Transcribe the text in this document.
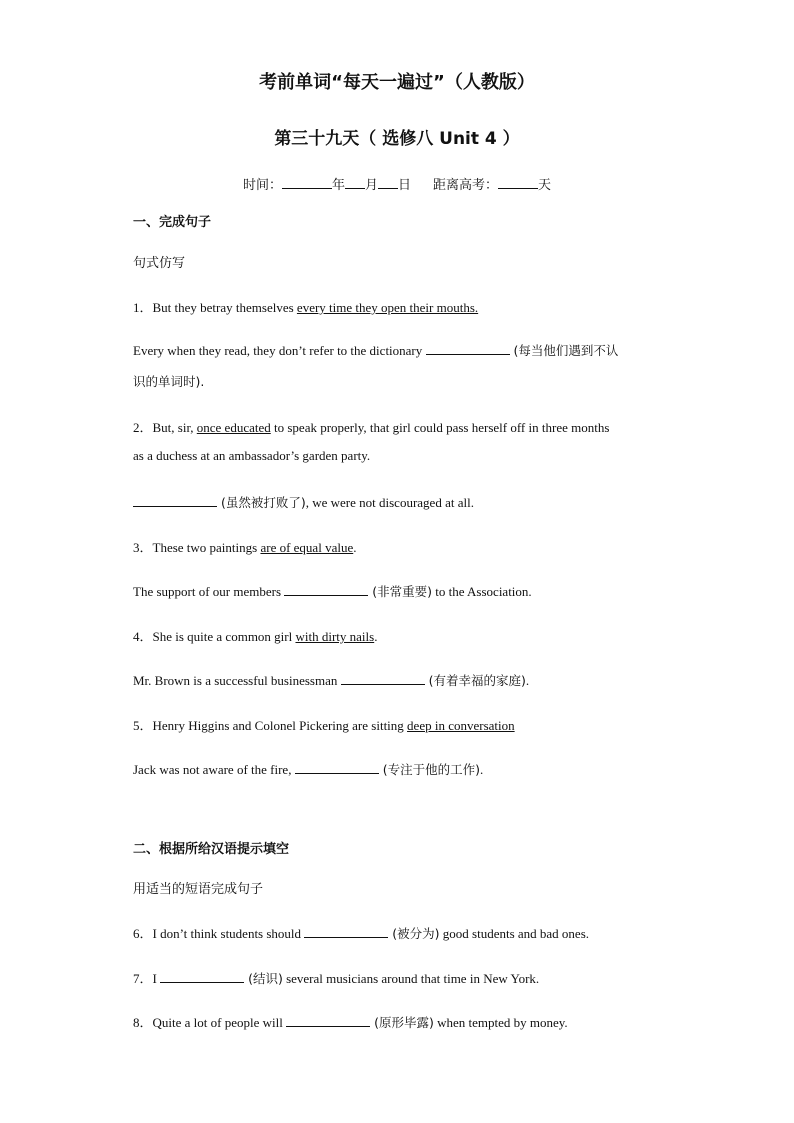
考前单词“每天一遍过”（人教版）
第三十九天（ 选修八 Unit 4 ）
时间：	年 月 日 距离高考：	天
一、完成句子
句式仿写
1．But they betray themselves every time they open their mouths.
Every when they read, they don’t refer to the dictionary	(每当他们遇到不认
识的单词时).
2．But, sir, once educated to speak properly, that girl could pass herself off in three months
as a duchess at an ambassador’s garden party.
(虽然被打败了), we were not discouraged at all.
3．These two paintings are of equal value.
The support of our members	(非常重要) to the Association.
4．She is quite a common girl with dirty nails.
Mr. Brown is a successful businessman	(有着幸福的家庭).
5．Henry Higgins and Colonel Pickering are sitting deep in conversation
Jack was not aware of the fire,	(专注于他的工作).
二、根据所给汉语提示填空
用适当的短语完成句子
6．I don’t think students should	(被分为) good students and bad ones.
7．I	(结识) several musicians around that time in New York.
8．Quite a lot of people will	(原形毕露) when tempted by money.
